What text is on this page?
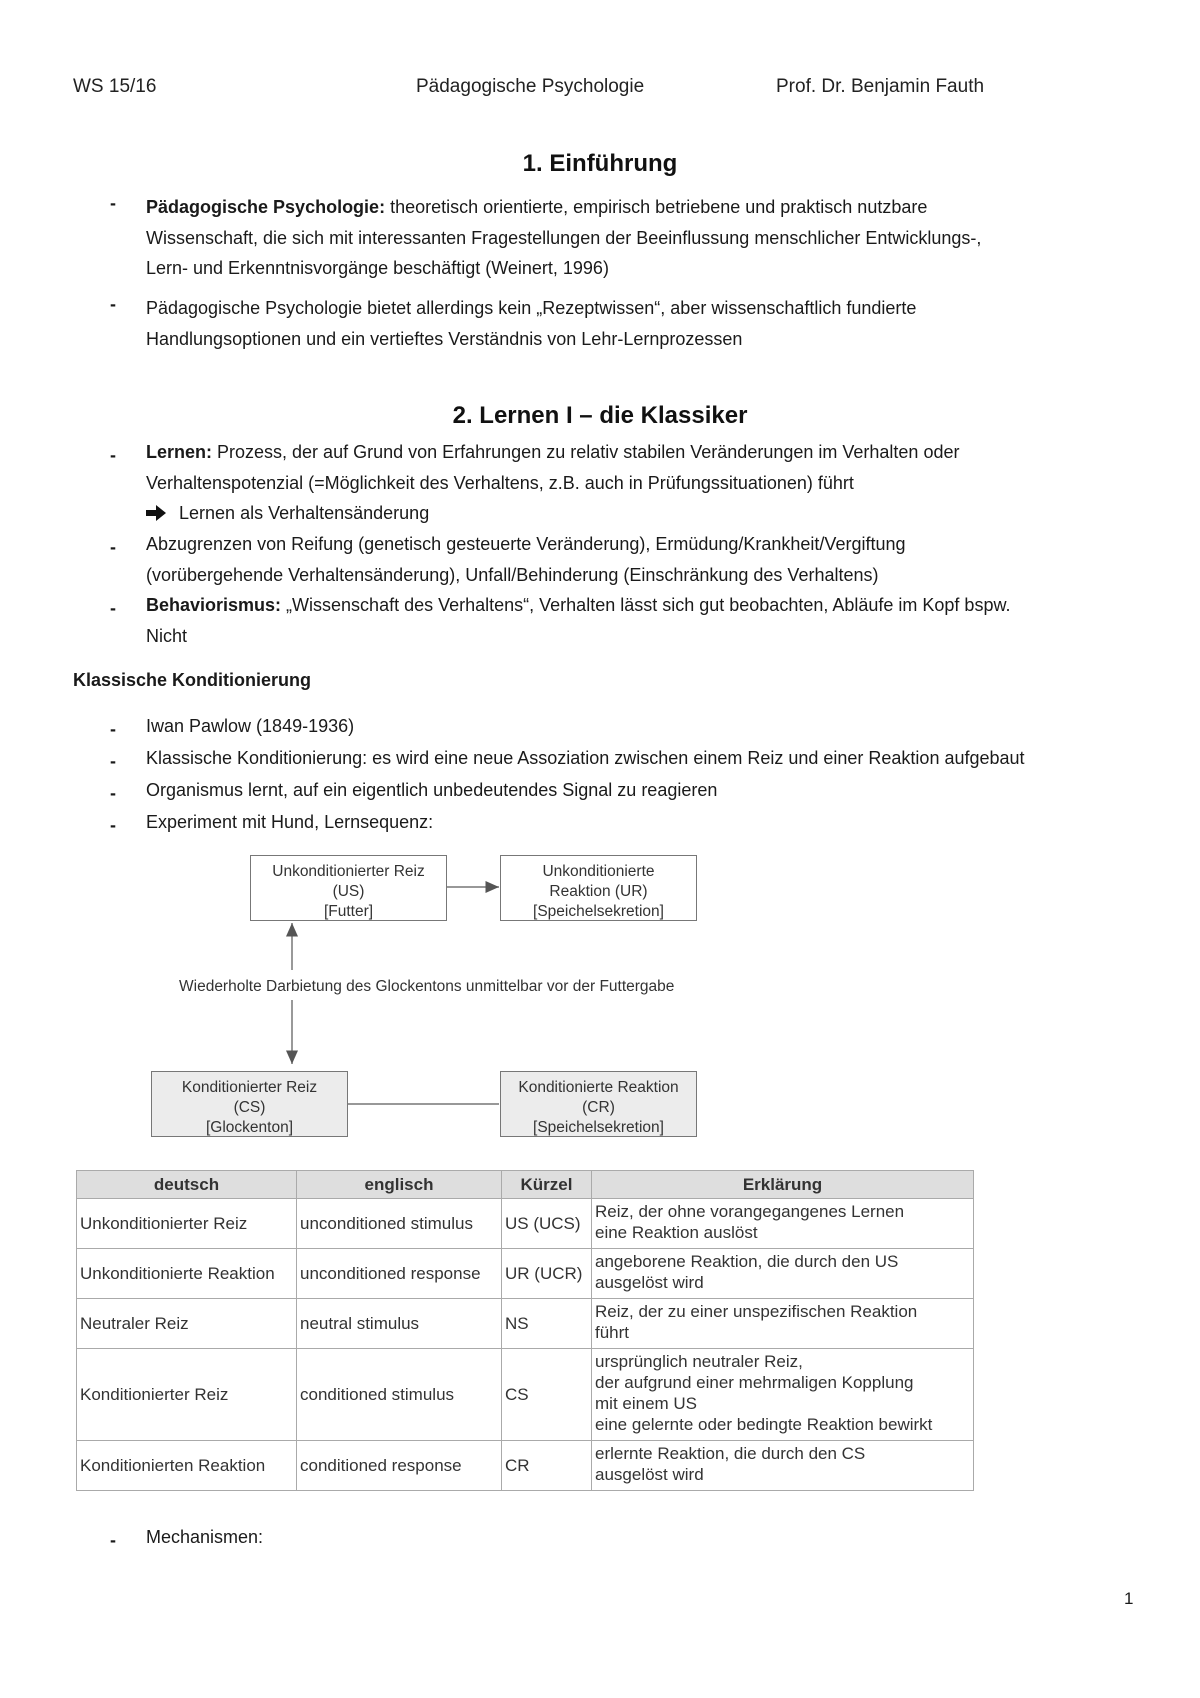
WS 15/16	Pädagogische Psychologie	Prof. Dr. Benjamin Fauth
1. Einführung
- Pädagogische Psychologie: theoretisch orientierte, empirisch betriebene und praktisch nutzbare
Wissenschaft, die sich mit interessanten Fragestellungen der Beeinflussung menschlicher Entwicklungs-,
Lern- und Erkenntnisvorgänge beschäftigt (Weinert, 1996)
- Pädagogische Psychologie bietet allerdings kein „Rezeptwissen“, aber wissenschaftlich fundierte
Handlungsoptionen und ein vertieftes Verständnis von Lehr-Lernprozessen
2. Lernen I – die Klassiker
- Lernen: Prozess, der auf Grund von Erfahrungen zu relativ stabilen Veränderungen im Verhalten oder
Verhaltenspotenzial (=Möglichkeit des Verhaltens, z.B. auch in Prüfungssituationen) führt
Lernen als Verhaltensänderung
- Abzugrenzen von Reifung (genetisch gesteuerte Veränderung), Ermüdung/Krankheit/Vergiftung
(vorübergehende Verhaltensänderung), Unfall/Behinderung (Einschränkung des Verhaltens)
- Behaviorismus: „Wissenschaft des Verhaltens“, Verhalten lässt sich gut beobachten, Abläufe im Kopf bspw.
Nicht
Klassische Konditionierung
- Iwan Pawlow (1849-1936)
- Klassische Konditionierung: es wird eine neue Assoziation zwischen einem Reiz und einer Reaktion aufgebaut
- Organismus lernt, auf ein eigentlich unbedeutendes Signal zu reagieren
- Experiment mit Hund, Lernsequenz:
Unkonditionierter Reiz
(US)
[Futter]
Unkonditionierte
Reaktion (UR)
[Speichelsekretion]
Wiederholte Darbietung des Glockentons unmittelbar vor der Futtergabe
Konditionierter Reiz
(CS)
[Glockenton]
Konditionierte Reaktion
(CR)
[Speichelsekretion]
deutsch	englisch	Kürzel	Erklärung
Unkonditionierter Reiz	unconditioned stimulus	US (UCS)	Reiz, der ohne vorangegangenes Lernen
eine Reaktion auslöst
Unkonditionierte Reaktion	unconditioned response	UR (UCR)	angeborene Reaktion, die durch den US
ausgelöst wird
Neutraler Reiz	neutral stimulus	NS	Reiz, der zu einer unspezifischen Reaktion
führt
Konditionierter Reiz	conditioned stimulus	CS	ursprünglich neutraler Reiz,
der aufgrund einer mehrmaligen Kopplung
mit einem US
eine gelernte oder bedingte Reaktion bewirkt
Konditionierten Reaktion	conditioned response	CR	erlernte Reaktion, die durch den CS
ausgelöst wird
- Mechanismen:
1
